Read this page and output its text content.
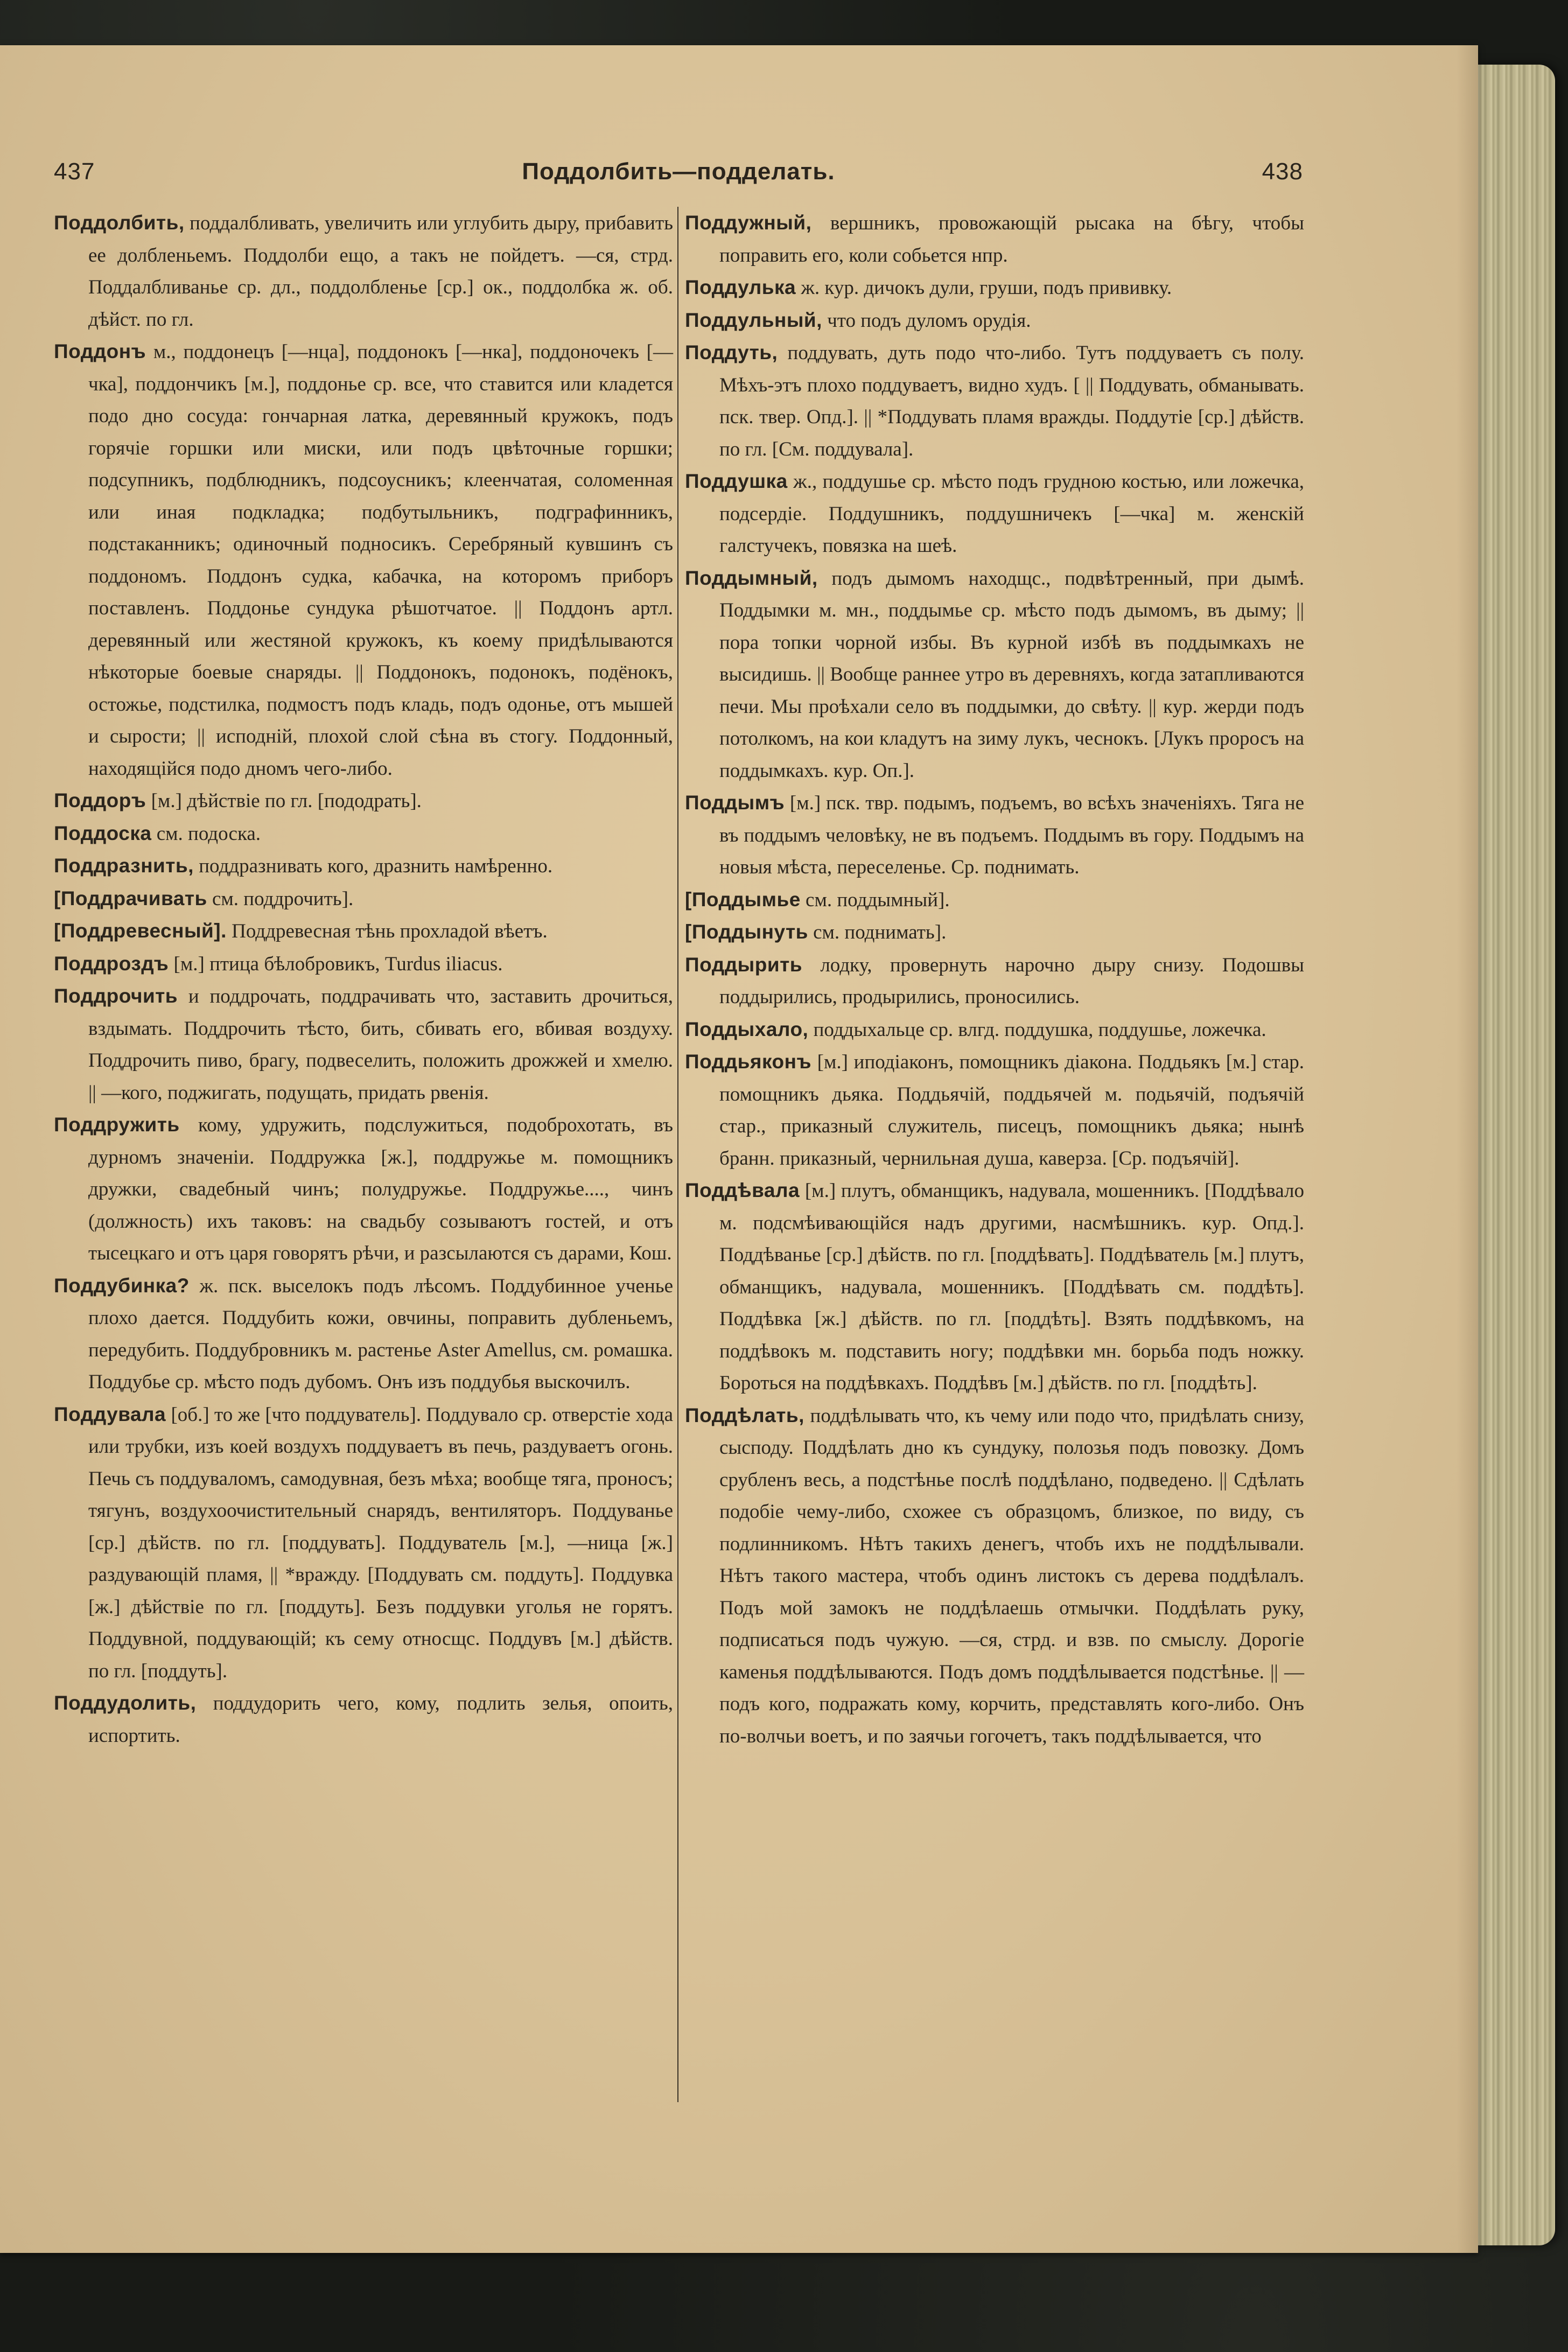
437	Поддолбить—подделать.	438

Поддолбить, поддалбливать, увеличить или углубить дыру, прибавить ее долбленьемъ. Поддолби ещо, а такъ не пойдетъ. —ся, стрд. Поддалбливанье ср. дл., поддолбленье [ср.] ок., поддолбка ж. об. дѣйст. по гл.

Поддонъ м., поддонецъ [—нца], поддонокъ [—нка], поддоночекъ [—чка], поддончикъ [м.], поддонье ср. все, что ставится или кладется подо дно сосуда: гончарная латка, деревянный кружокъ, подъ горячіе горшки или миски, или подъ цвѣточные горшки; подсупникъ, подблюдникъ, подсоусникъ; клеенчатая, соломенная или иная подкладка; подбутыльникъ, подграфинникъ, подстаканникъ; одиночный подносикъ. Серебряный кувшинъ съ поддономъ. Поддонъ судка, кабачка, на которомъ приборъ поставленъ. Поддонье сундука рѣшотчатое. || Поддонъ артл. деревянный или жестяной кружокъ, къ коему придѣлываются нѣкоторые боевые снаряды. || Поддонокъ, подонокъ, подёнокъ, остожье, подстилка, подмостъ подъ кладь, подъ одонье, отъ мышей и сырости; || исподній, плохой слой сѣна въ стогу. Поддонный, находящійся подо дномъ чего-либо.

Поддоръ [м.] дѣйствіе по гл. [пододрать].

Поддоска см. подоска.

Поддразнить, поддразнивать кого, дразнить намѣренно.

[Поддрачивать см. поддрочить].

[Поддревесный]. Поддревесная тѣнь прохладой вѣетъ.

Поддроздъ [м.] птица бѣлобровикъ, Turdus iliacus.

Поддрочить и поддрочать, поддрачивать что, заставить дрочиться, вздымать. Поддрочить тѣсто, бить, сбивать его, вбивая воздуху. Поддрочить пиво, брагу, подвеселить, положить дрожжей и хмелю. || —кого, поджигать, подущать, придать рвенія.

Поддружить кому, удружить, подслужиться, подоброхотать, въ дурномъ значеніи. Поддружка [ж.], поддружье м. помощникъ дружки, свадебный чинъ; полудружье. Поддружье...., чинъ (должность) ихъ таковъ: на свадьбу созываютъ гостей, и отъ тысецкаго и отъ царя говорятъ рѣчи, и разсылаются съ дарами, Кош.

Поддубинка? ж. пск. выселокъ подъ лѣсомъ. Поддубинное ученье плохо дается. Поддубить кожи, овчины, поправить дубленьемъ, передубить. Поддубровникъ м. растенье Aster Amellus, см. ромашка. Поддубье ср. мѣсто подъ дубомъ. Онъ изъ поддубья выскочилъ.

Поддувала [об.] то же [что поддуватель]. Поддувало ср. отверстіе хода или трубки, изъ коей воздухъ поддуваетъ въ печь, раздуваетъ огонь. Печь съ поддуваломъ, самодувная, безъ мѣха; вообще тяга, проносъ; тягунъ, воздухоочистительный снарядъ, вентиляторъ. Поддуванье [ср.] дѣйств. по гл. [поддувать]. Поддуватель [м.], —ница [ж.] раздувающій пламя, || *вражду. [Поддувать см. поддуть]. Поддувка [ж.] дѣйствіе по гл. [поддуть]. Безъ поддувки уголья не горятъ. Поддувной, поддувающій; къ сему относщс. Поддувъ [м.] дѣйств. по гл. [поддуть].

Поддудолить, поддудорить чего, кому, подлить зелья, опоить, испортить.

Поддужный, вершникъ, провожающій рысака на бѣгу, чтобы поправить его, коли собьется нпр.

Поддулька ж. кур. дичокъ дули, груши, подъ прививку.

Поддульный, что подъ дуломъ орудія.

Поддуть, поддувать, дуть подо что-либо. Тутъ поддуваетъ съ полу. Мѣхъ-этъ плохо поддуваетъ, видно худъ. [ || Поддувать, обманывать. пск. твер. Опд.]. || *Поддувать пламя вражды. Поддутіе [ср.] дѣйств. по гл. [См. поддувала].

Поддушка ж., поддушье ср. мѣсто подъ грудною костью, или ложечка, подсердіе. Поддушникъ, поддушничекъ [—чка] м. женскій галстучекъ, повязка на шеѣ.

Поддымный, подъ дымомъ находщс., подвѣтренный, при дымѣ. Поддымки м. мн., поддымье ср. мѣсто подъ дымомъ, въ дыму; || пора топки чорной избы. Въ курной избѣ въ поддымкахъ не высидишь. || Вообще раннее утро въ деревняхъ, когда затапливаются печи. Мы проѣхали село въ поддымки, до свѣту. || кур. жерди подъ потолкомъ, на кои кладутъ на зиму лукъ, чеснокъ. [Лукъ проросъ на поддымкахъ. кур. Оп.].

Поддымъ [м.] пск. твр. подымъ, подъемъ, во всѣхъ значеніяхъ. Тяга не въ поддымъ человѣку, не въ подъемъ. Поддымъ въ гору. Поддымъ на новыя мѣста, переселенье. Ср. поднимать.

[Поддымье см. поддымный].

[Поддынуть см. поднимать].

Поддырить лодку, провернуть нарочно дыру снизу. Подошвы поддырились, продырились, проносились.

Поддыхало, поддыхальце ср. влгд. поддушка, поддушье, ложечка.

Поддьяконъ [м.] иподіаконъ, помощникъ діакона. Поддьякъ [м.] стар. помощникъ дьяка. Поддьячій, поддьячей м. подьячій, подъячій стар., приказный служитель, писецъ, помощникъ дьяка; нынѣ бранн. приказный, чернильная душа, каверза. [Ср. подъячій].

Поддѣвала [м.] плутъ, обманщикъ, надувала, мошенникъ. [Поддѣвало м. подсмѣивающійся надъ другими, насмѣшникъ. кур. Опд.]. Поддѣванье [ср.] дѣйств. по гл. [поддѣвать]. Поддѣватель [м.] плутъ, обманщикъ, надувала, мошенникъ. [Поддѣвать см. поддѣть]. Поддѣвка [ж.] дѣйств. по гл. [поддѣть]. Взять поддѣвкомъ, на поддѣвокъ м. подставить ногу; поддѣвки мн. борьба подъ ножку. Бороться на поддѣвкахъ. Поддѣвъ [м.] дѣйств. по гл. [поддѣть].

Поддѣлать, поддѣлывать что, къ чему или подо что, придѣлать снизу, сысподу. Поддѣлать дно къ сундуку, полозья подъ повозку. Домъ срубленъ весь, а подстѣнье послѣ поддѣлано, подведено. || Сдѣлать подобіе чему-либо, схожее съ образцомъ, близкое, по виду, съ подлинникомъ. Нѣтъ такихъ денегъ, чтобъ ихъ не поддѣлывали. Нѣтъ такого мастера, чтобъ одинъ листокъ съ дерева поддѣлалъ. Подъ мой замокъ не поддѣлаешь отмычки. Поддѣлать руку, подписаться подъ чужую. —ся, стрд. и взв. по смыслу. Дорогіе каменья поддѣлываются. Подъ домъ поддѣлывается подстѣнье. || —подъ кого, подражать кому, корчить, представлять кого-либо. Онъ по-волчьи воетъ, и по заячьи гогочетъ, такъ поддѣлывается, что
